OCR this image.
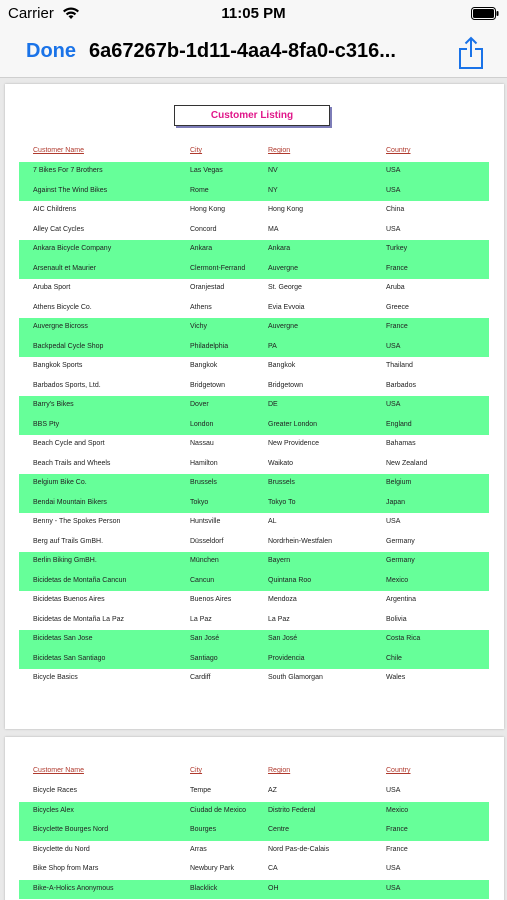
Carrier	11:05 PM
Done 6a67267b-1d11-4aa4-8fa0-c316...
Customer Listing
Customer Name	City	Region	Country
7 Bikes For 7 Brothers	Las Vegas	NV	USA
Against The Wind Bikes	Rome	NY	USA
AIC Childrens	Hong Kong	Hong Kong	China
Alley Cat Cycles	Concord	MA	USA
Ankara Bicycle Company	Ankara	Ankara	Turkey
Arsenault et Maurier	Clermont-Ferrand	Auvergne	France
Aruba Sport	Oranjestad	St. George	Aruba
Athens Bicycle Co.	Athens	Evia Evvoia	Greece
Auvergne Bicross	Vichy	Auvergne	France
Backpedal Cycle Shop	Philadelphia	PA	USA
Bangkok Sports	Bangkok	Bangkok	Thailand
Barbados Sports, Ltd.	Bridgetown	Bridgetown	Barbados
Barry's Bikes	Dover	DE	USA
BBS Pty	London	Greater London	England
Beach Cycle and Sport	Nassau	New Providence	Bahamas
Beach Trails and Wheels	Hamilton	Waikato	New Zealand
Belgium Bike Co.	Brussels	Brussels	Belgium
Bendai Mountain Bikers	Tokyo	Tokyo To	Japan
Benny - The Spokes Person	Huntsville	AL	USA
Berg auf Trails GmBH.	Düsseldorf	Nordrhein-Westfalen	Germany
Berlin Biking GmBH.	München	Bayern	Germany
Bicidetas de Montaña Cancun	Cancun	Quintana Roo	Mexico
Bicidetas Buenos Aires	Buenos Aires	Mendoza	Argentina
Bicidetas de Montaña La Paz	La Paz	La Paz	Bolivia
Bicidetas San Jose	San José	San José	Costa Rica
Bicidetas San Santiago	Santiago	Providencia	Chile
Bicycle Basics	Cardiff	South Glamorgan	Wales
Customer Name	City	Region	Country
Bicycle Races	Tempe	AZ	USA
Bicycles Alex	Ciudad de Mexico	Distrito Federal	Mexico
Bicyclette Bourges Nord	Bourges	Centre	France
Bicyclette du Nord	Arras	Nord Pas-de-Calais	France
Bike Shop from Mars	Newbury Park	CA	USA
Bike-A-Holics Anonymous	Blacklick	OH	USA
